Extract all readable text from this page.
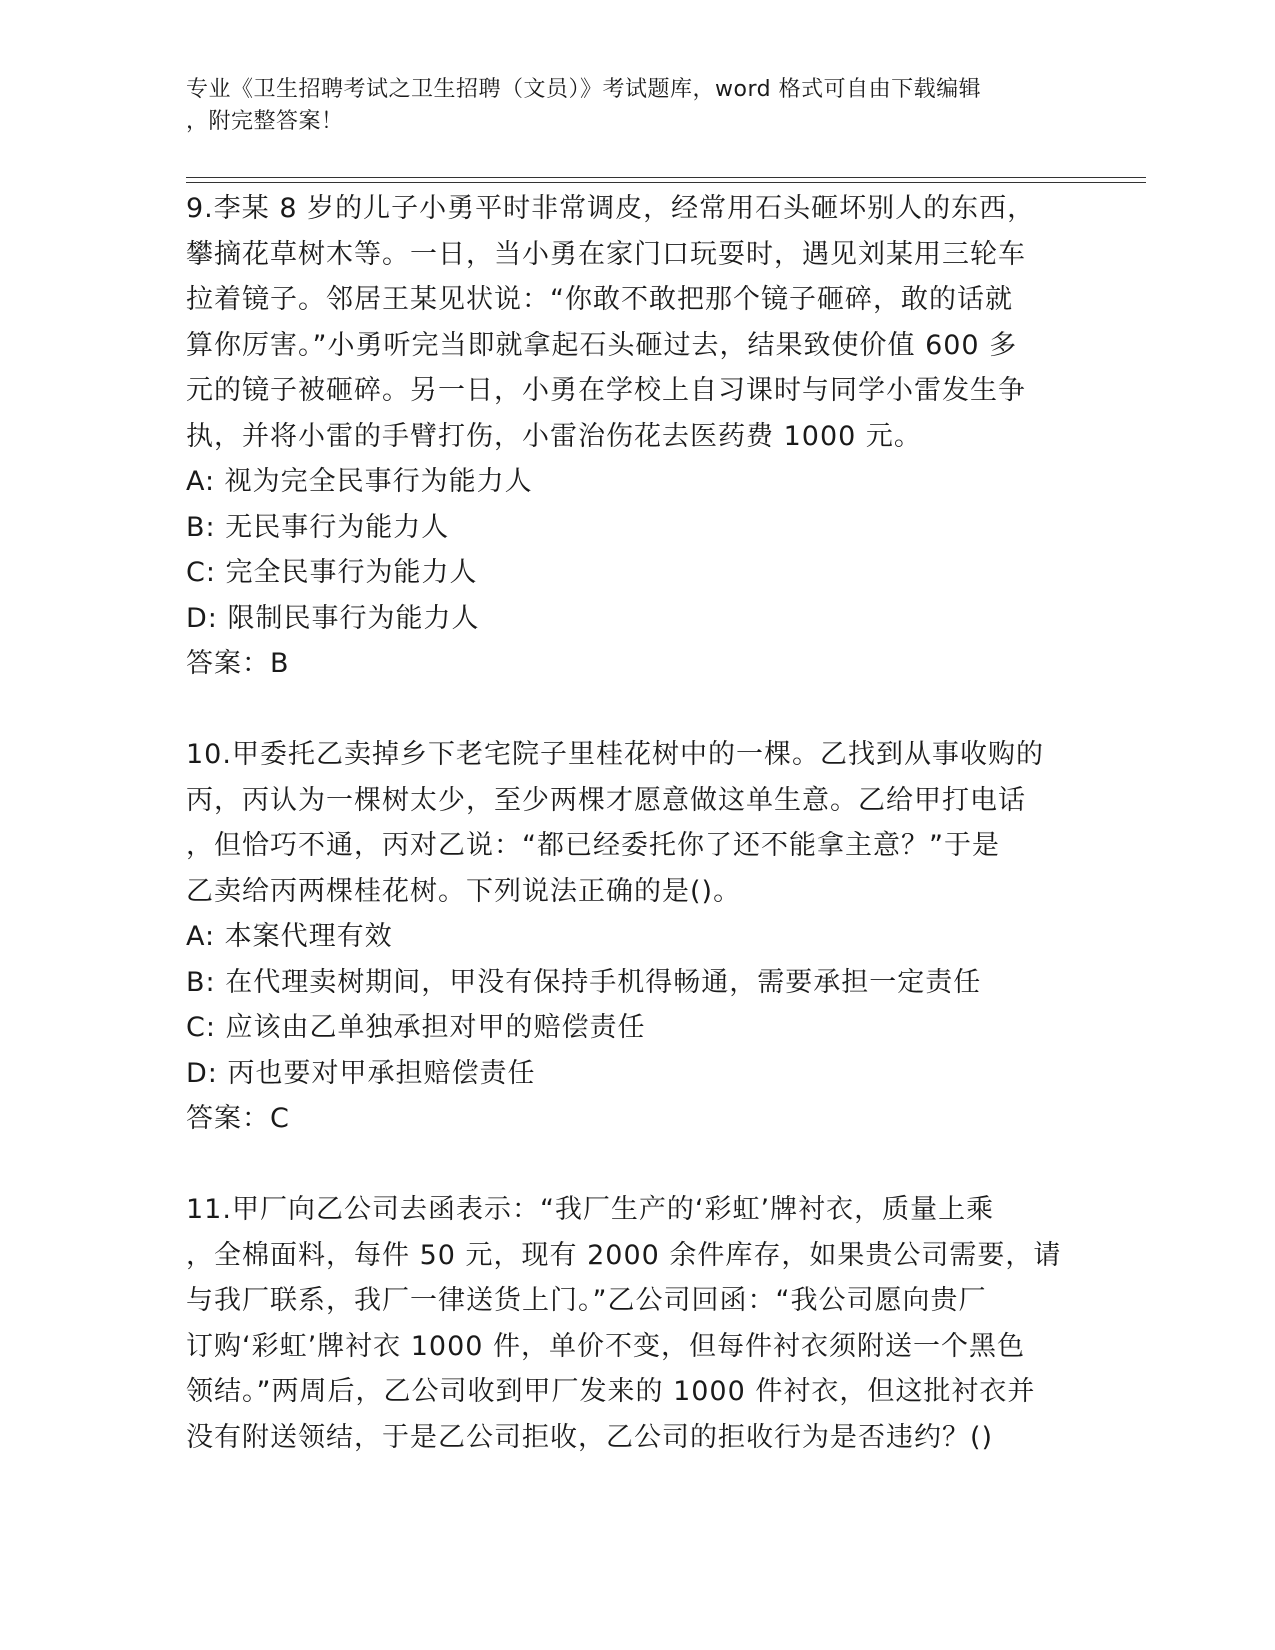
专业《卫生招聘考试之卫生招聘（文员）》考试题库，word 格式可自由下载编辑

，附完整答案！

9.李某 8 岁的儿子小勇平时非常调皮，经常用石头砸坏别人的东西，

攀摘花草树木等。一日，当小勇在家门口玩耍时，遇见刘某用三轮车

拉着镜子。邻居王某见状说：“你敢不敢把那个镜子砸碎，敢的话就

算你厉害。”小勇听完当即就拿起石头砸过去，结果致使价值 600 多

元的镜子被砸碎。另一日，小勇在学校上自习课时与同学小雷发生争

执，并将小雷的手臂打伤，小雷治伤花去医药费 1000 元。

A: 视为完全民事行为能力人

B: 无民事行为能力人

C: 完全民事行为能力人

D: 限制民事行为能力人

答案：B

10.甲委托乙卖掉乡下老宅院子里桂花树中的一棵。乙找到从事收购的

丙，丙认为一棵树太少，至少两棵才愿意做这单生意。乙给甲打电话

，但恰巧不通，丙对乙说：“都已经委托你了还不能拿主意？”于是

乙卖给丙两棵桂花树。下列说法正确的是()。

A: 本案代理有效

B: 在代理卖树期间，甲没有保持手机得畅通，需要承担一定责任

C: 应该由乙单独承担对甲的赔偿责任

D: 丙也要对甲承担赔偿责任

答案：C

11.甲厂向乙公司去函表示：“我厂生产的‘彩虹’牌衬衣，质量上乘

，全棉面料，每件 50 元，现有 2000 余件库存，如果贵公司需要，请

与我厂联系，我厂一律送货上门。”乙公司回函：“我公司愿向贵厂

订购‘彩虹’牌衬衣 1000 件，单价不变，但每件衬衣须附送一个黑色

领结。”两周后，乙公司收到甲厂发来的 1000 件衬衣，但这批衬衣并

没有附送领结，于是乙公司拒收，乙公司的拒收行为是否违约？()
